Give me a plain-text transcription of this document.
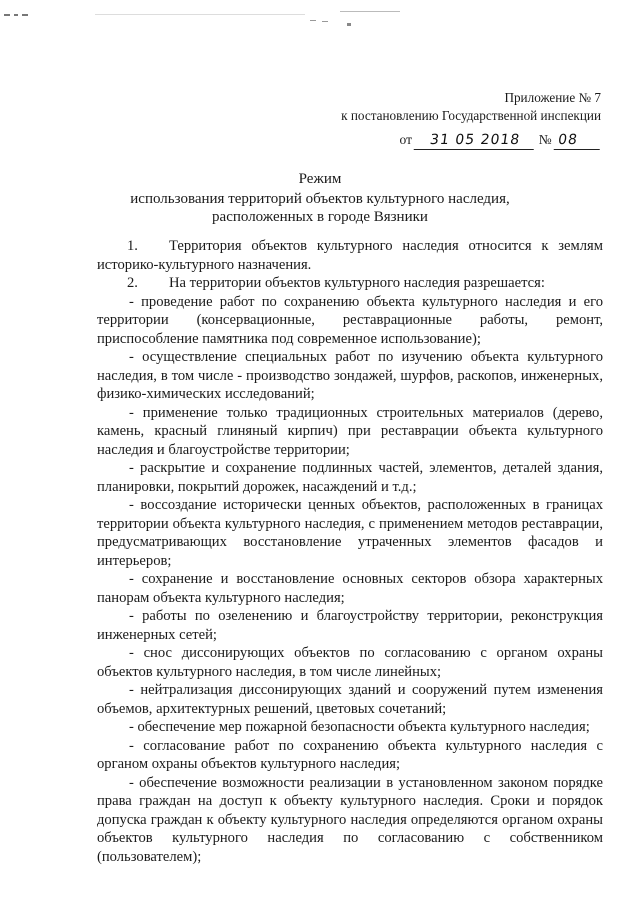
Приложение № 7
к постановлению Государственной инспекции
от 31 05 2018 № 08
Режим
использования территорий объектов культурного наследия,
расположенных в городе Вязники

1. Территория объектов культурного наследия относится к землям историко-культурного назначения.

2. На территории объектов культурного наследия разрешается:

- проведение работ по сохранению объекта культурного наследия и его территории (консервационные, реставрационные работы, ремонт, приспособление памятника под современное использование);

- осуществление специальных работ по изучению объекта культурного наследия, в том числе - производство зондажей, шурфов, раскопов, инженерных, физико-химических исследований;

- применение только традиционных строительных материалов (дерево, камень, красный глиняный кирпич) при реставрации объекта культурного наследия и благоустройстве территории;

- раскрытие и сохранение подлинных частей, элементов, деталей здания, планировки, покрытий дорожек, насаждений и т.д.;

- воссоздание исторически ценных объектов, расположенных в границах территории объекта культурного наследия, с применением методов реставрации, предусматривающих восстановление утраченных элементов фасадов и интерьеров;

- сохранение и восстановление основных секторов обзора характерных панорам объекта культурного наследия;

- работы по озеленению и благоустройству территории, реконструкция инженерных сетей;

- снос диссонирующих объектов по согласованию с органом охраны объектов культурного наследия, в том числе линейных;

- нейтрализация диссонирующих зданий и сооружений путем изменения объемов, архитектурных решений, цветовых сочетаний;

- обеспечение мер пожарной безопасности объекта культурного наследия;

- согласование работ по сохранению объекта культурного наследия с органом охраны объектов культурного наследия;

- обеспечение возможности реализации в установленном законом порядке права граждан на доступ к объекту культурного наследия. Сроки и порядок допуска граждан к объекту культурного наследия определяются органом охраны объектов культурного наследия по согласованию с собственником (пользователем);
